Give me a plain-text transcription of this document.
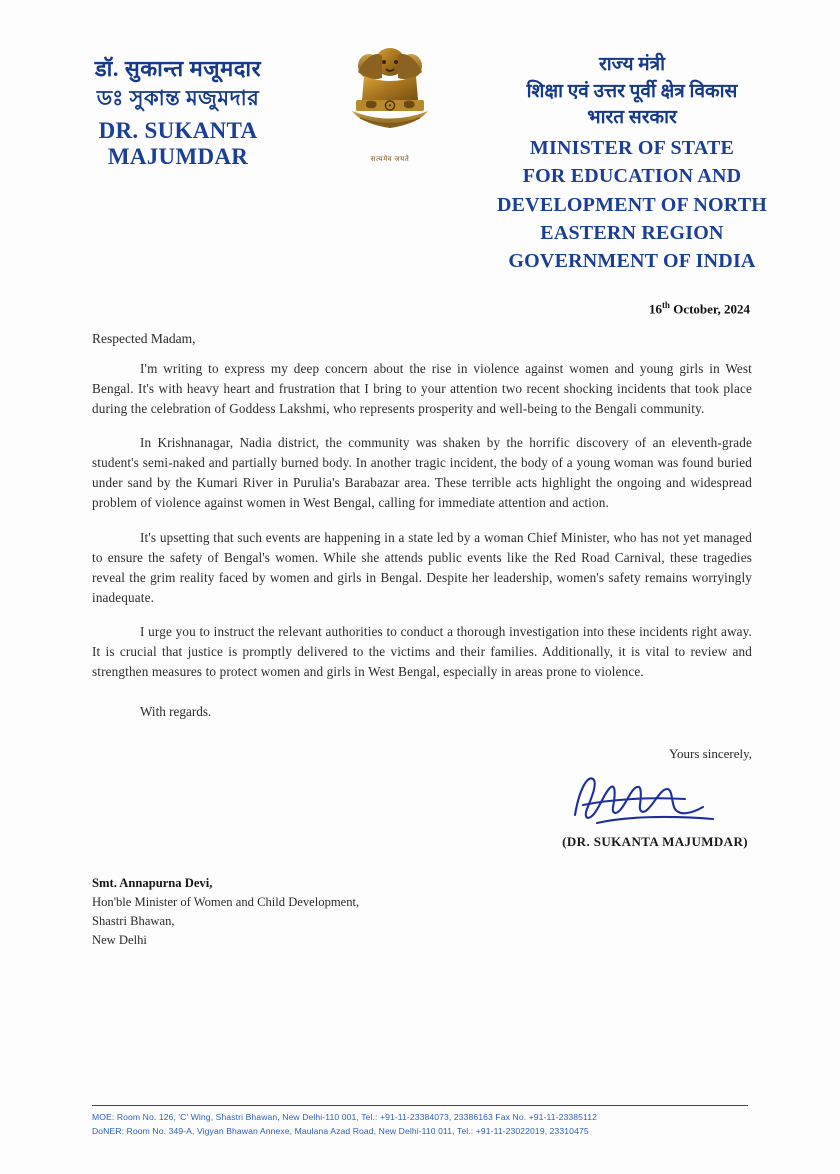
डॉ. सुकान्त मजूमदार
ডঃ সুকান্ত মজুমদার
DR. SUKANTA MAJUMDAR	सत्यमेव जयते
राज्य मंत्री
शिक्षा एवं उत्तर पूर्वी क्षेत्र विकास
भारत सरकार
MINISTER OF STATE
FOR EDUCATION AND
DEVELOPMENT OF NORTH
EASTERN REGION
GOVERNMENT OF INDIA
16th October, 2024
Respected Madam,

I'm writing to express my deep concern about the rise in violence against women and young girls in West Bengal. It's with heavy heart and frustration that I bring to your attention two recent shocking incidents that took place during the celebration of Goddess Lakshmi, who represents prosperity and well-being to the Bengali community.

In Krishnanagar, Nadia district, the community was shaken by the horrific discovery of an eleventh-grade student's semi-naked and partially burned body. In another tragic incident, the body of a young woman was found buried under sand by the Kumari River in Purulia's Barabazar area. These terrible acts highlight the ongoing and widespread problem of violence against women in West Bengal, calling for immediate attention and action.

It's upsetting that such events are happening in a state led by a woman Chief Minister, who has not yet managed to ensure the safety of Bengal's women. While she attends public events like the Red Road Carnival, these tragedies reveal the grim reality faced by women and girls in Bengal. Despite her leadership, women's safety remains worryingly inadequate.

I urge you to instruct the relevant authorities to conduct a thorough investigation into these incidents right away. It is crucial that justice is promptly delivered to the victims and their families. Additionally, it is vital to review and strengthen measures to protect women and girls in West Bengal, especially in areas prone to violence.

With regards.
Yours sincerely,
(DR. SUKANTA MAJUMDAR)
Smt. Annapurna Devi,
Hon'ble Minister of Women and Child Development,
Shastri Bhawan,
New Delhi
MOE: Room No. 126, 'C' Wing, Shastri Bhawan, New Delhi-110 001, Tel.: +91-11-23384073, 23386163 Fax No. +91-11-23385112
DoNER: Room No. 349-A, Vigyan Bhawan Annexe, Maulana Azad Road, New Delhi-110 011, Tel.: +91-11-23022019, 23310475
